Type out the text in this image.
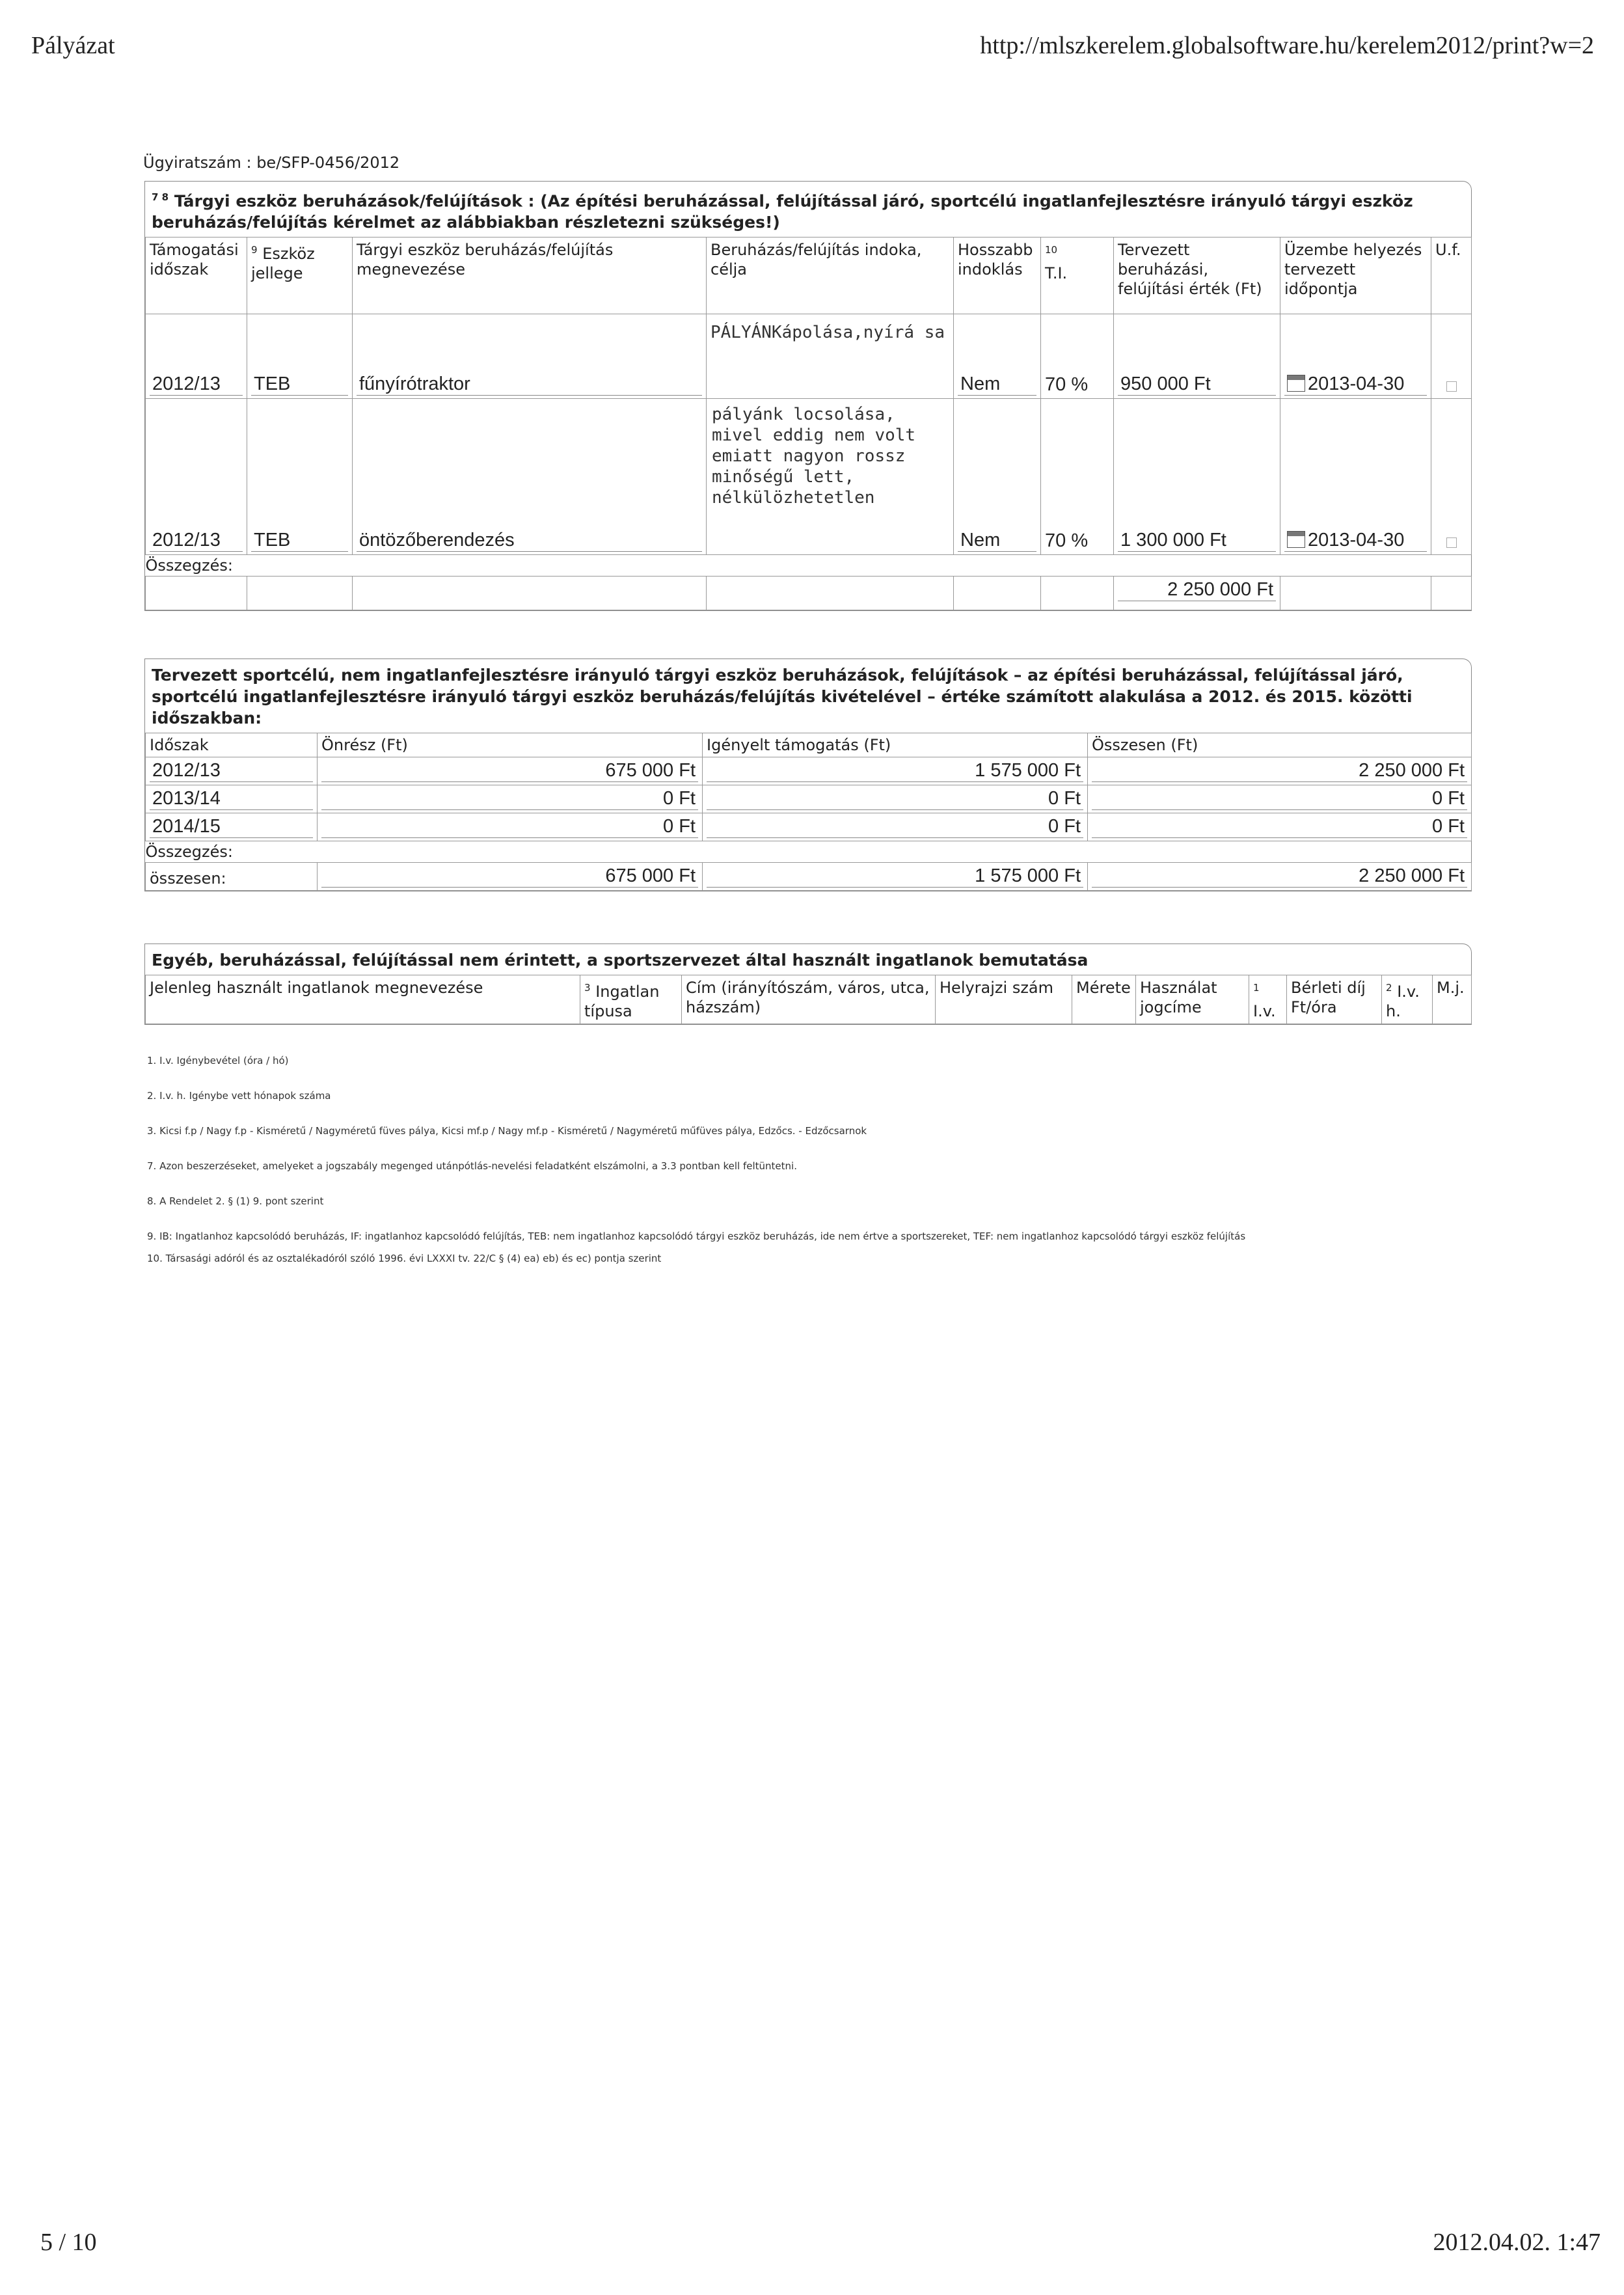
Pályázat	http://mlszkerelem.globalsoftware.hu/kerelem2012/print?w=2
Ügyiratszám : be/SFP-0456/2012
$^{7 8}$ Tárgyi eszköz beruházások/felújítások : (Az építési beruházással, felújítással járó, sportcélú ingatlanfejlesztésre irányuló tárgyi eszköz beruházás/felújítás kérelmet az alábbiakban részletezni szükséges!)
Támogatási időszak	$^9$ Eszköz jellege	Tárgyi eszköz beruházás/felújítás megnevezése	Beruházás/felújítás indoka, célja	Hosszabb indoklás	$^{10}$
T.I.	Tervezett beruházási, felújítási érték (Ft)	Üzembe helyezés tervezett időpontja	U.f.

2012/13	TEB	fűnyírótraktor	PÁLYÁNKápolása,nyírá sa	Nem	70 %	950 000 Ft	2013-04-30	

2012/13	TEB	öntözőberendezés	pályánk locsolása, mivel eddig nem volt emiatt nagyon rossz minőségű lett, nélkülözhetetlen	Nem	70 %	1 300 000 Ft	2013-04-30	

Összegzés:								

						2 250 000 Ft		

Tervezett sportcélú, nem ingatlanfejlesztésre irányuló tárgyi eszköz beruházások, felújítások – az építési beruházással, felújítással járó, sportcélú ingatlanfejlesztésre irányuló tárgyi eszköz beruházás/felújítás kivételével – értéke számított alakulása a 2012. és 2015. közötti időszakban:
Időszak	Önrész (Ft)	Igényelt támogatás (Ft)	Összesen (Ft)

2012/13	675 000 Ft	1 575 000 Ft	2 250 000 Ft

2013/14	0 Ft	0 Ft	0 Ft

2014/15	0 Ft	0 Ft	0 Ft

Összegzés:			
összesen:	675 000 Ft	1 575 000 Ft	2 250 000 Ft
Egyéb, beruházással, felújítással nem érintett, a sportszervezet által használt ingatlanok bemutatása
Jelenleg használt ingatlanok megnevezése	$^3$ Ingatlan típusa	Cím (irányítószám, város, utca, házszám)	Helyrajzi szám	Mérete	Használat jogcíme	$^1$
I.v.	Bérleti díj Ft/óra	$^2$ I.v. h.	M.j.
1. I.v. Igénybevétel (óra / hó)
2. I.v. h. Igénybe vett hónapok száma
3. Kicsi f.p / Nagy f.p - Kisméretű / Nagyméretű füves pálya, Kicsi mf.p / Nagy mf.p - Kisméretű / Nagyméretű műfüves pálya, Edzőcs. - Edzőcsarnok
7. Azon beszerzéseket, amelyeket a jogszabály megenged utánpótlás-nevelési feladatként elszámolni, a 3.3 pontban kell feltüntetni.
8. A Rendelet 2. § (1) 9. pont szerint
9. IB: Ingatlanhoz kapcsolódó beruházás, IF: ingatlanhoz kapcsolódó felújítás, TEB: nem ingatlanhoz kapcsolódó tárgyi eszköz beruházás, ide nem értve a sportszereket, TEF: nem ingatlanhoz kapcsolódó tárgyi eszköz felújítás
10. Társasági adóról és az osztalékadóról szóló 1996. évi LXXXI tv. 22/C § (4) ea) eb) és ec) pontja szerint
5 / 10	2012.04.02. 1:47
